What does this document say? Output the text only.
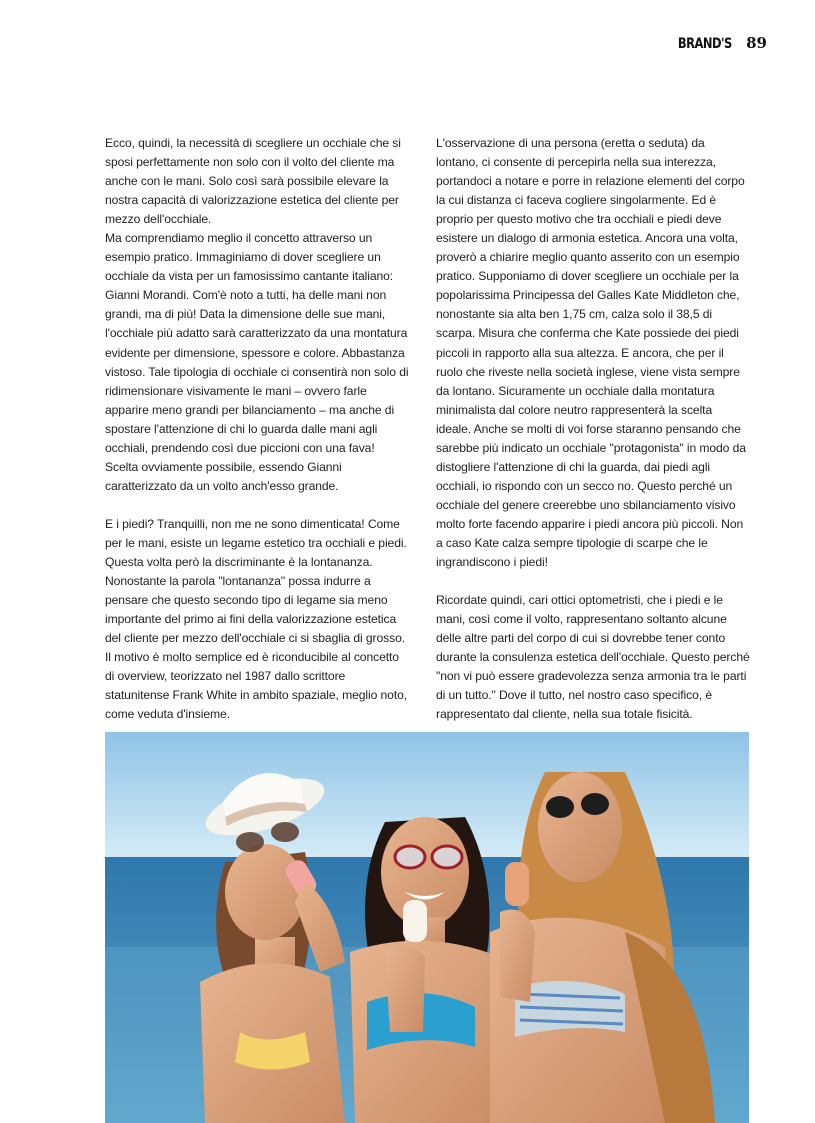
BRAND'S 89

Ecco, quindi, la necessità di scegliere un occhiale che si sposi perfettamente non solo con il volto del cliente ma anche con le mani. Solo così sarà possibile elevare la nostra capacità di valorizzazione estetica del cliente per mezzo dell'occhiale.

Ma comprendiamo meglio il concetto attraverso un esempio pratico. Immaginiamo di dover scegliere un occhiale da vista per un famosissimo cantante italiano: Gianni Morandi. Com'è noto a tutti, ha delle mani non grandi, ma di più! Data la dimensione delle sue mani, l'occhiale più adatto sarà caratterizzato da una montatura evidente per dimensione, spessore e colore. Abbastanza vistoso. Tale tipologia di occhiale ci consentirà non solo di ridimensionare visivamente le mani – ovvero farle apparire meno grandi per bilanciamento – ma anche di spostare l'attenzione di chi lo guarda dalle mani agli occhiali, prendendo così due piccioni con una fava! Scelta ovviamente possibile, essendo Gianni caratterizzato da un volto anch'esso grande.

E i piedi? Tranquilli, non me ne sono dimenticata! Come per le mani, esiste un legame estetico tra occhiali e piedi. Questa volta però la discriminante è la lontananza. Nonostante la parola "lontananza" possa indurre a pensare che questo secondo tipo di legame sia meno importante del primo ai fini della valorizzazione estetica del cliente per mezzo dell'occhiale ci si sbaglia di grosso.

Il motivo è molto semplice ed è riconducibile al concetto di overview, teorizzato nel 1987 dallo scrittore statunitense Frank White in ambito spaziale, meglio noto, come veduta d'insieme.

L'osservazione di una persona (eretta o seduta) da lontano, ci consente di percepirla nella sua interezza, portandoci a notare e porre in relazione elementi del corpo la cui distanza ci faceva cogliere singolarmente. Ed è proprio per questo motivo che tra occhiali e piedi deve esistere un dialogo di armonia estetica. Ancora una volta, proverò a chiarire meglio quanto asserito con un esempio pratico. Supponiamo di dover scegliere un occhiale per la popolarissima Principessa del Galles Kate Middleton che, nonostante sia alta ben 1,75 cm, calza solo il 38,5 di scarpa. Misura che conferma che Kate possiede dei piedi piccoli in rapporto alla sua altezza. E ancora, che per il ruolo che riveste nella società inglese, viene vista sempre da lontano. Sicuramente un occhiale dalla montatura minimalista dal colore neutro rappresenterà la scelta ideale. Anche se molti di voi forse staranno pensando che sarebbe più indicato un occhiale "protagonista" in modo da distogliere l'attenzione di chi la guarda, dai piedi agli occhiali, io rispondo con un secco no. Questo perché un occhiale del genere creerebbe uno sbilanciamento visivo molto forte facendo apparire i piedi ancora più piccoli. Non a caso Kate calza sempre tipologie di scarpe che le ingrandiscono i piedi!

Ricordate quindi, cari ottici optometristi, che i piedi e le mani, così come il volto, rappresentano soltanto alcune delle altre parti del corpo di cui si dovrebbe tener conto durante la consulenza estetica dell'occhiale. Questo perché "non vi può essere gradevolezza senza armonia tra le parti di un tutto." Dove il tutto, nel nostro caso specifico, è rappresentato dal cliente, nella sua totale fisicità.
